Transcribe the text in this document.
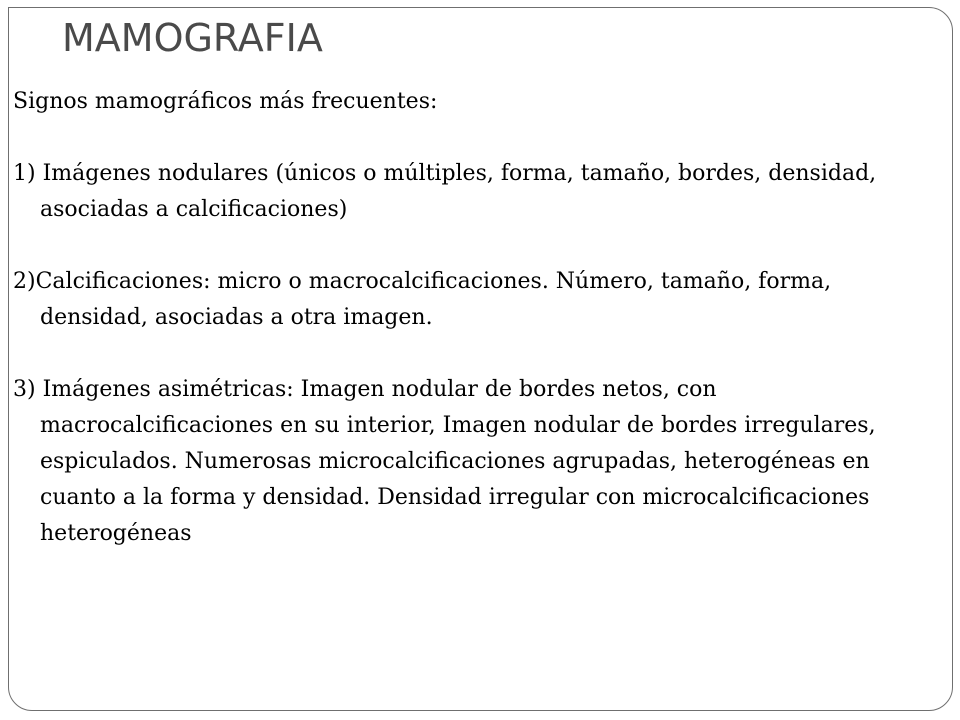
MAMOGRAFIA

Signos mamográficos más frecuentes:

1) Imágenes nodulares (únicos o múltiples, forma, tamaño, bordes, densidad, asociadas a calcificaciones)

2)Calcificaciones: micro o macrocalcificaciones. Número, tamaño, forma, densidad, asociadas a otra imagen.

3) Imágenes asimétricas: Imagen nodular de bordes netos, con macrocalcificaciones en su interior, Imagen nodular de bordes irregulares, espiculados. Numerosas microcalcificaciones agrupadas, heterogéneas en cuanto a la forma y densidad. Densidad irregular con microcalcificaciones heterogéneas
